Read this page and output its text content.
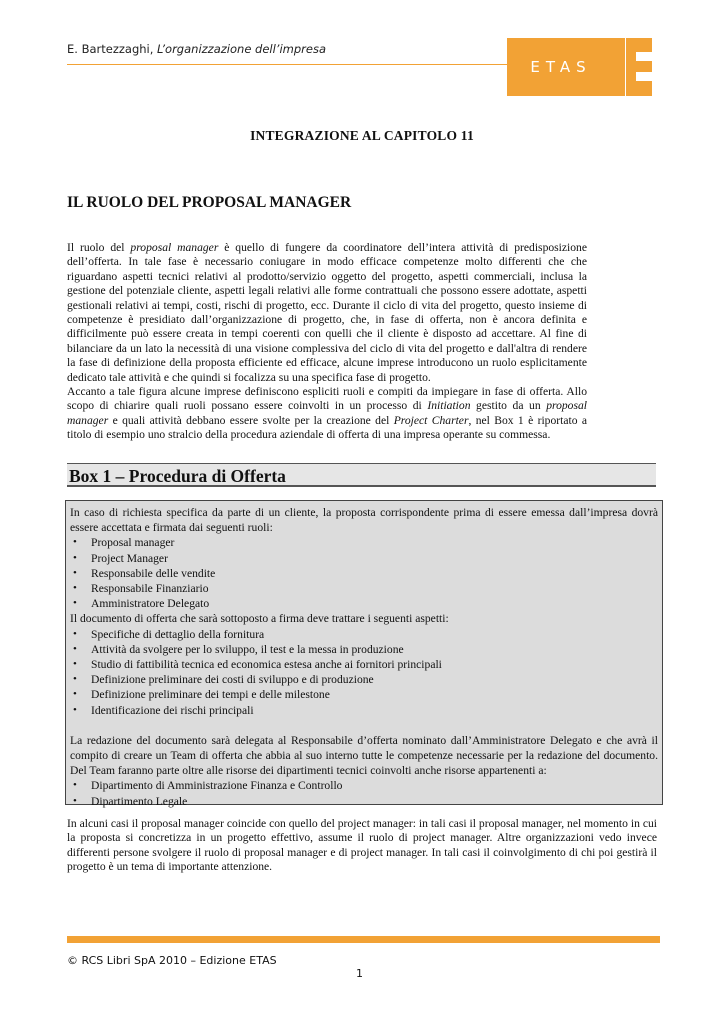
E. Bartezzaghi, L’organizzazione dell’impresa
ETAS
INTEGRAZIONE AL CAPITOLO 11
IL RUOLO DEL PROPOSAL MANAGER

Il ruolo del proposal manager è quello di fungere da coordinatore dell’intera attività di predisposizione dell’offerta. In tale fase è necessario coniugare in modo efficace competenze molto differenti che che riguardano aspetti tecnici relativi al prodotto/servizio oggetto del progetto, aspetti commerciali, inclusa la gestione del potenziale cliente, aspetti legali relativi alle forme contrattuali che possono essere adottate, aspetti gestionali relativi ai tempi, costi, rischi di progetto, ecc. Durante il ciclo di vita del progetto, questo insieme di competenze è presidiato dall’organizzazione di progetto, che, in fase di offerta, non è ancora definita e difficilmente può essere creata in tempi coerenti con quelli che il cliente è disposto ad accettare. Al fine di bilanciare da un lato la necessità di una visione complessiva del ciclo di vita del progetto e dall'altra di rendere la fase di definizione della proposta efficiente ed efficace, alcune imprese introducono un ruolo esplicitamente dedicato tale attività e che quindi si focalizza su una specifica fase di progetto.

Accanto a tale figura alcune imprese definiscono espliciti ruoli e compiti da impiegare in fase di offerta. Allo scopo di chiarire quali ruoli possano essere coinvolti in un processo di Initiation gestito da un proposal manager e quali attività debbano essere svolte per la creazione del Project Charter, nel Box 1 è riportato a titolo di esempio uno stralcio della procedura aziendale di offerta di una impresa operante su commessa.

Box 1 – Procedura di Offerta

In caso di richiesta specifica da parte di un cliente, la proposta corrispondente prima di essere emessa dall’impresa dovrà essere accettata e firmata dai seguenti ruoli:

• Proposal manager
• Project Manager
• Responsabile delle vendite
• Responsabile Finanziario
• Amministratore Delegato

Il documento di offerta che sarà sottoposto a firma deve trattare i seguenti aspetti:

• Specifiche di dettaglio della fornitura
• Attività da svolgere per lo sviluppo, il test e la messa in produzione
• Studio di fattibilità tecnica ed economica estesa anche ai fornitori principali
• Definizione preliminare dei costi di sviluppo e di produzione
• Definizione preliminare dei tempi e delle milestone
• Identificazione dei rischi principali

La redazione del documento sarà delegata al Responsabile d’offerta nominato dall’Amministratore Delegato e che avrà il compito di creare un Team di offerta che abbia al suo interno tutte le competenze necessarie per la redazione del documento. Del Team faranno parte oltre alle risorse dei dipartimenti tecnici coinvolti anche risorse appartenenti a:

• Dipartimento di Amministrazione Finanza e Controllo
• Dipartimento Legale

In alcuni casi il proposal manager coincide con quello del project manager: in tali casi il proposal manager, nel momento in cui la proposta si concretizza in un progetto effettivo, assume il ruolo di project manager. Altre organizzazioni vedo invece differenti persone svolgere il ruolo di proposal manager e di project manager. In tali casi il coinvolgimento di chi poi gestirà il progetto è un tema di importante attenzione.

© RCS Libri SpA 2010 – Edizione ETAS
1
